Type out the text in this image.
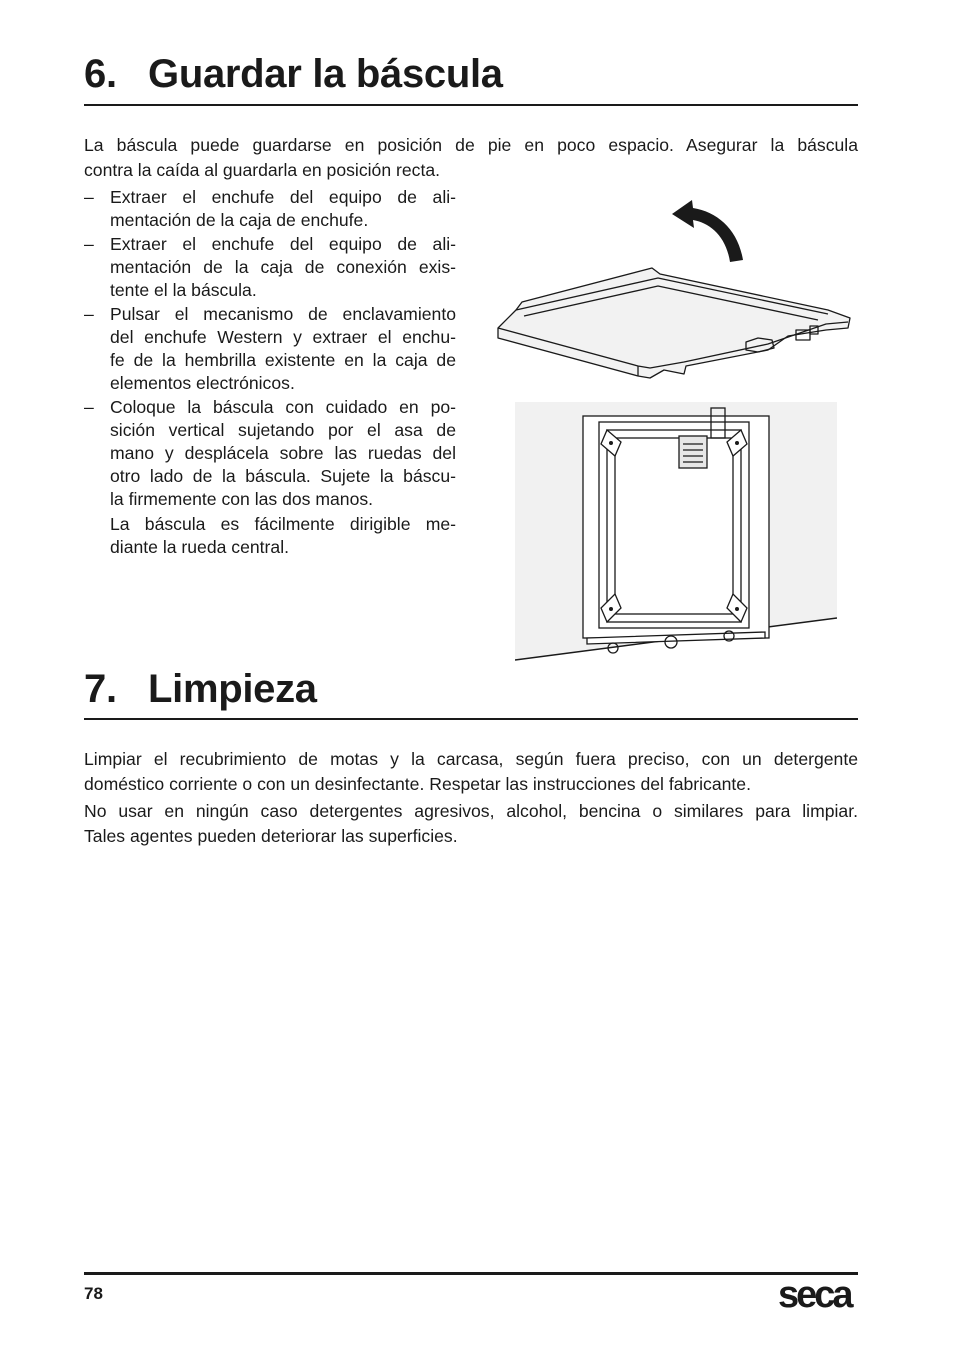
6. Guardar la báscula

La báscula puede guardarse en posición de pie en poco espacio. Asegurar la báscula
contra la caída al guardarla en posición recta.

– Extraer el enchufe del equipo de ali-
mentación de la caja de enchufe.
– Extraer el enchufe del equipo de ali-
mentación de la caja de conexión exis-
tente el la báscula.
– Pulsar el mecanismo de enclavamiento
del enchufe Western y extraer el enchu-
fe de la hembrilla existente en la caja de
elementos electrónicos.
– Coloque la báscula con cuidado en po-
sición vertical sujetando por el asa de
mano y desplácela sobre las ruedas del
otro lado de la báscula. Sujete la báscu-
la firmemente con las dos manos.

La báscula es fácilmente dirigible me-
diante la rueda central.

7. Limpieza

Limpiar el recubrimiento de motas y la carcasa, según fuera preciso, con un detergente
doméstico corriente o con un desinfectante. Respetar las instrucciones del fabricante.

No usar en ningún caso detergentes agresivos, alcohol, bencina o similares para limpiar.
Tales agentes pueden deteriorar las superficies.

78	seca
